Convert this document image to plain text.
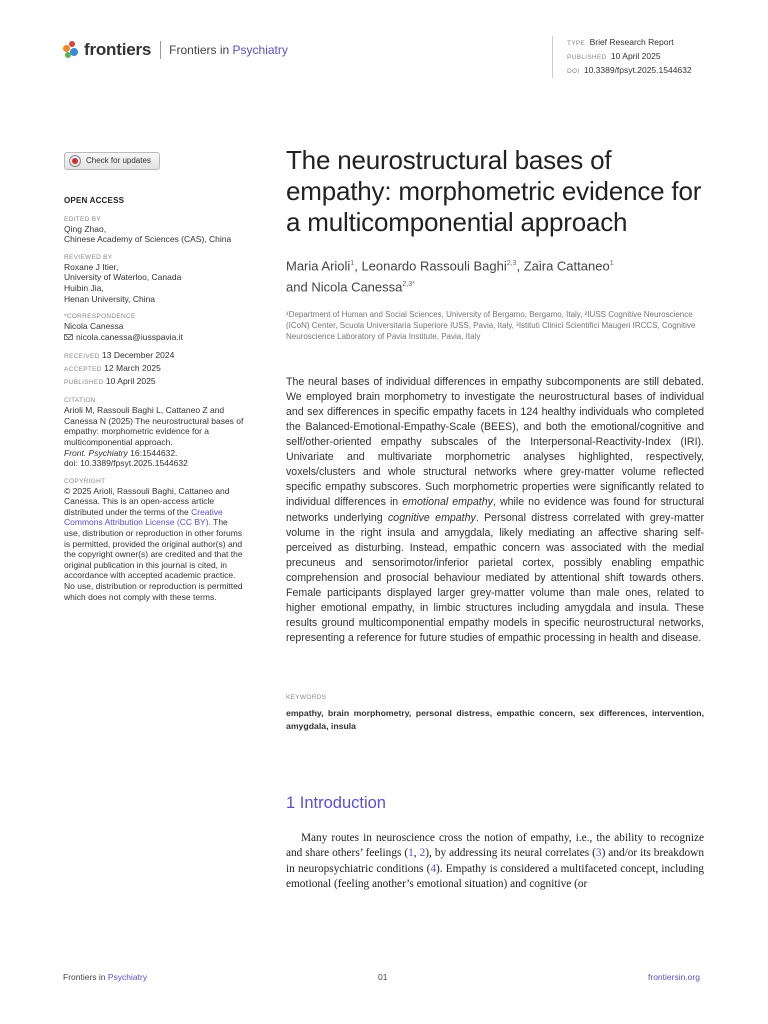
frontiers Frontiers in Psychiatry	TYPE Brief Research Report
PUBLISHED 10 April 2025
DOI 10.3389/fpsyt.2025.1544632
Check for updates
OPEN ACCESS
EDITED BY
Qing Zhao,
Chinese Academy of Sciences (CAS), China
REVIEWED BY
Roxane J Itier,
University of Waterloo, Canada
Huibin Jia,
Henan University, China
*CORRESPONDENCE
Nicola Canessa
nicola.canessa@iusspavia.it
RECEIVED 13 December 2024
ACCEPTED 12 March 2025
PUBLISHED 10 April 2025
CITATION
Arioli M, Rassouli Baghi L, Cattaneo Z and Canessa N (2025) The neurostructural bases of empathy: morphometric evidence for a multicomponential approach.
Front. Psychiatry 16:1544632.
doi: 10.3389/fpsyt.2025.1544632
COPYRIGHT
© 2025 Arioli, Rassouli Baghi, Cattaneo and Canessa. This is an open-access article distributed under the terms of the Creative Commons Attribution License (CC BY). The use, distribution or reproduction in other forums is permitted, provided the original author(s) and the copyright owner(s) are credited and that the original publication in this journal is cited, in accordance with accepted academic practice. No use, distribution or reproduction is permitted which does not comply with these terms.
The neurostructural bases of empathy: morphometric evidence for a multicomponential approach
Maria Arioli$^1$, Leonardo Rassouli Baghi$^{2,3}$, Zaira Cattaneo$^1$
and Nicola Canessa$^{2,3*}$
¹Department of Human and Social Sciences, University of Bergamo, Bergamo, Italy, ²IUSS Cognitive Neuroscience (ICoN) Center, Scuola Universitaria Superiore IUSS, Pavia, Italy, ³Istituti Clinici Scientifici Maugeri IRCCS, Cognitive Neuroscience Laboratory of Pavia Institute, Pavia, Italy
The neural bases of individual differences in empathy subcomponents are still debated. We employed brain morphometry to investigate the neurostructural bases of individual and sex differences in specific empathy facets in 124 healthy individuals who completed the Balanced-Emotional-Empathy-Scale (BEES), and both the emotional/cognitive and self/other-oriented empathy subscales of the Interpersonal-Reactivity-Index (IRI). Univariate and multivariate morphometric analyses highlighted, respectively, voxels/clusters and whole structural networks where grey-matter volume reflected specific empathy subscores. Such morphometric properties were significantly related to individual differences in emotional empathy, while no evidence was found for structural networks underlying cognitive empathy. Personal distress correlated with grey-matter volume in the right insula and amygdala, likely mediating an affective sharing self-perceived as disturbing. Instead, empathic concern was associated with the medial precuneus and sensorimotor/inferior parietal cortex, possibly enabling empathic comprehension and prosocial behaviour mediated by attentional shift towards others. Female participants displayed larger grey-matter volume than male ones, related to higher emotional empathy, in limbic structures including amygdala and insula. These results ground multicomponential empathy models in specific neurostructural networks, representing a reference for future studies of empathic processing in health and disease.
KEYWORDS
empathy, brain morphometry, personal distress, empathic concern, sex differences, intervention, amygdala, insula
1 Introduction
Many routes in neuroscience cross the notion of empathy, i.e., the ability to recognize and share others’ feelings (1, 2), by addressing its neural correlates (3) and/or its breakdown in neuropsychiatric conditions (4). Empathy is considered a multifaceted concept, including emotional (feeling another’s emotional situation) and cognitive (or
Frontiers in Psychiatry	01	frontiersin.org
